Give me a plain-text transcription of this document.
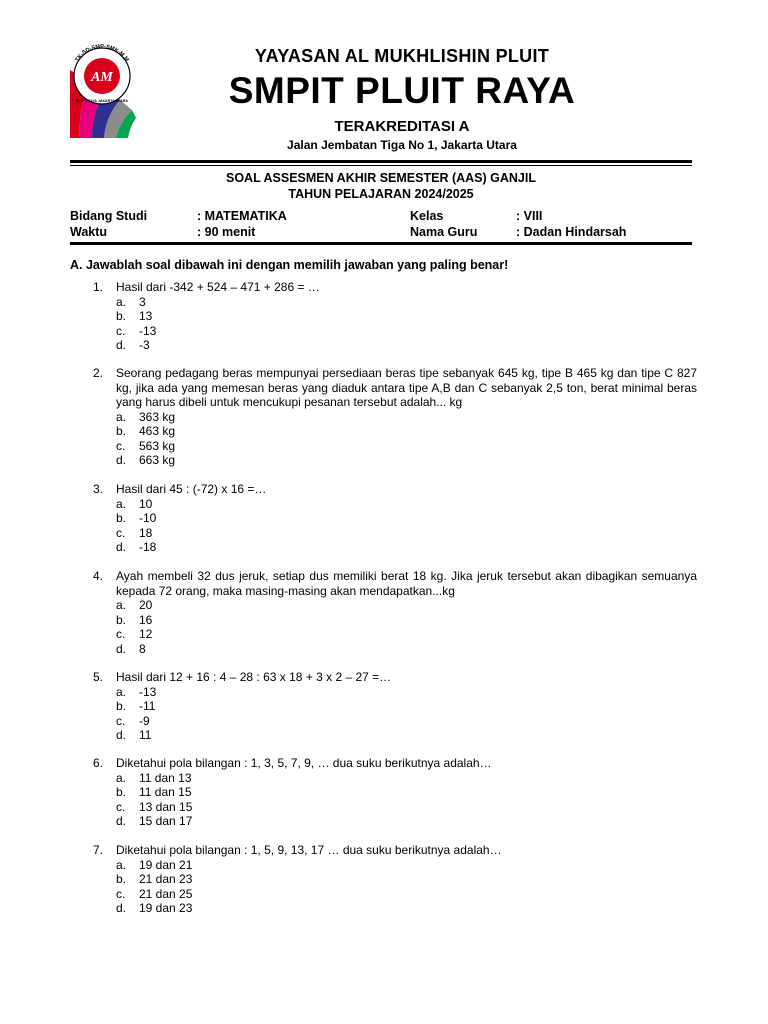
AM
TK-SD-SMP-SMK-M.M
PLUIT RAYA JAKARTA UTARA
YAYASAN AL MUKHLISHIN PLUIT
SMPIT PLUIT RAYA
TERAKREDITASI A
Jalan Jembatan Tiga No 1, Jakarta Utara
SOAL ASSESMEN AKHIR SEMESTER (AAS) GANJIL
TAHUN PELAJARAN 2024/2025
Bidang Studi	: MATEMATIKA	Kelas	: VIII
Waktu	: 90 menit	Nama Guru	: Dadan Hindarsah
A. Jawablah soal dibawah ini dengan memilih jawaban yang paling benar!
1. Hasil dari -342 + 524 – 471 + 286 = …
a. 3
b. 13
c. -13
d. -3
2. Seorang pedagang beras mempunyai persediaan beras tipe sebanyak 645 kg, tipe B 465 kg dan tipe C 827 kg, jika ada yang memesan beras yang diaduk antara tipe A,B dan C sebanyak 2,5 ton, berat minimal beras yang harus dibeli untuk mencukupi pesanan tersebut adalah... kg
a. 363 kg
b. 463 kg
c. 563 kg
d. 663 kg
3. Hasil dari 45 : (-72) x 16 =…
a. 10
b. -10
c. 18
d. -18
4. Ayah membeli 32 dus jeruk, setiap dus memiliki berat 18 kg. Jika jeruk tersebut akan dibagikan semuanya kepada 72 orang, maka masing-masing akan mendapatkan...kg
a. 20
b. 16
c. 12
d. 8
5. Hasil dari 12 + 16 : 4 – 28 : 63 x 18 + 3 x 2 – 27 =…
a. -13
b. -11
c. -9
d. 11
6. Diketahui pola bilangan : 1, 3, 5, 7, 9, … dua suku berikutnya adalah…
a. 11 dan 13
b. 11 dan 15
c. 13 dan 15
d. 15 dan 17
7. Diketahui pola bilangan : 1, 5, 9, 13, 17 … dua suku berikutnya adalah…
a. 19 dan 21
b. 21 dan 23
c. 21 dan 25
d. 19 dan 23
